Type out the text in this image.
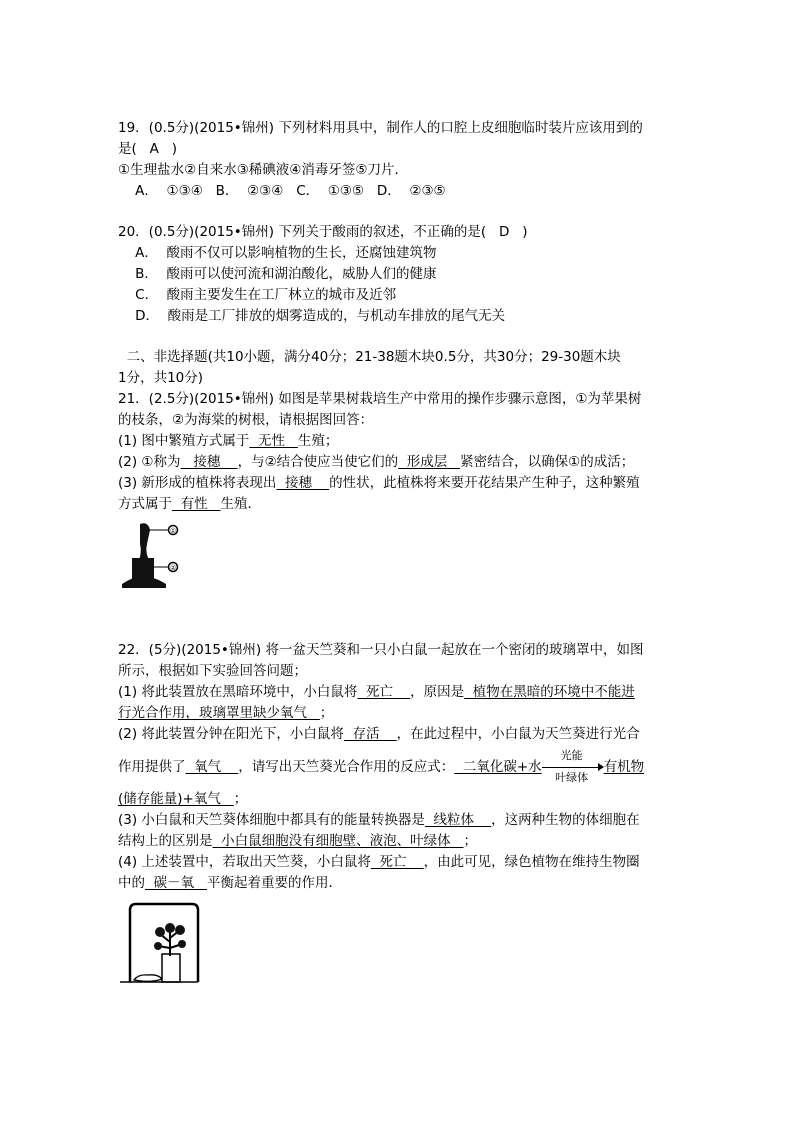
19．(0.5分)(2015•锦州) 下列材料用具中，制作人的口腔上皮细胞临时装片应该用到的
是(   A   )
①生理盐水②自来水③稀碘液④消毒牙签⑤刀片．
A．  ①③④   B．  ②③④   C．  ①③⑤   D．  ②③⑤
20．(0.5分)(2015•锦州) 下列关于酸雨的叙述，不正确的是(   D   )
A．  酸雨不仅可以影响植物的生长，还腐蚀建筑物
B．  酸雨可以使河流和湖泊酸化，威胁人们的健康
C．  酸雨主要发生在工厂林立的城市及近邻
D．  酸雨是工厂排放的烟雾造成的，与机动车排放的尾气无关
二、非选择题(共10小题，满分40分；21-38题木块0.5分，共30分；29-30题木块
1分，共10分)
21．(2.5分)(2015•锦州) 如图是苹果树栽培生产中常用的操作步骤示意图，①为苹果树
的枝条，②为海棠的树根，请根据图回答：
(1) 图中繁殖方式属于  无性   生殖；
(2) ①称为   接穗    ，与②结合使应当使它们的  形成层   紧密结合，以确保①的成活；
(3) 新形成的植株将表现出  接穗    的性状，此植株将来要开花结果产生种子，这种繁殖
方式属于  有性   生殖．
①
②
22．(5分)(2015•锦州) 将一盆天竺葵和一只小白鼠一起放在一个密闭的玻璃罩中，如图
所示，根据如下实验回答问题；
(1) 将此装置放在黑暗环境中，小白鼠将  死亡    ，原因是  植物在黑暗的环境中不能进
行光合作用，玻璃罩里缺少氧气   ；
(2) 将此装置分钟在阳光下，小白鼠将  存活    ，在此过程中，小白鼠为天竺葵进行光合
作用提供了  氧气    ，请写出天竺葵光合作用的反应式：  二氧化碳+水
光能
叶绿体
有机物
(储存能量)+氧气   ；
(3) 小白鼠和天竺葵体细胞中都具有的能量转换器是  线粒体    ，这两种生物的体细胞在
结构上的区别是  小白鼠细胞没有细胞壁、液泡、叶绿体   ；
(4) 上述装置中，若取出天竺葵，小白鼠将  死亡    ，由此可见，绿色植物在维持生物圈
中的  碳－氧   平衡起着重要的作用．
